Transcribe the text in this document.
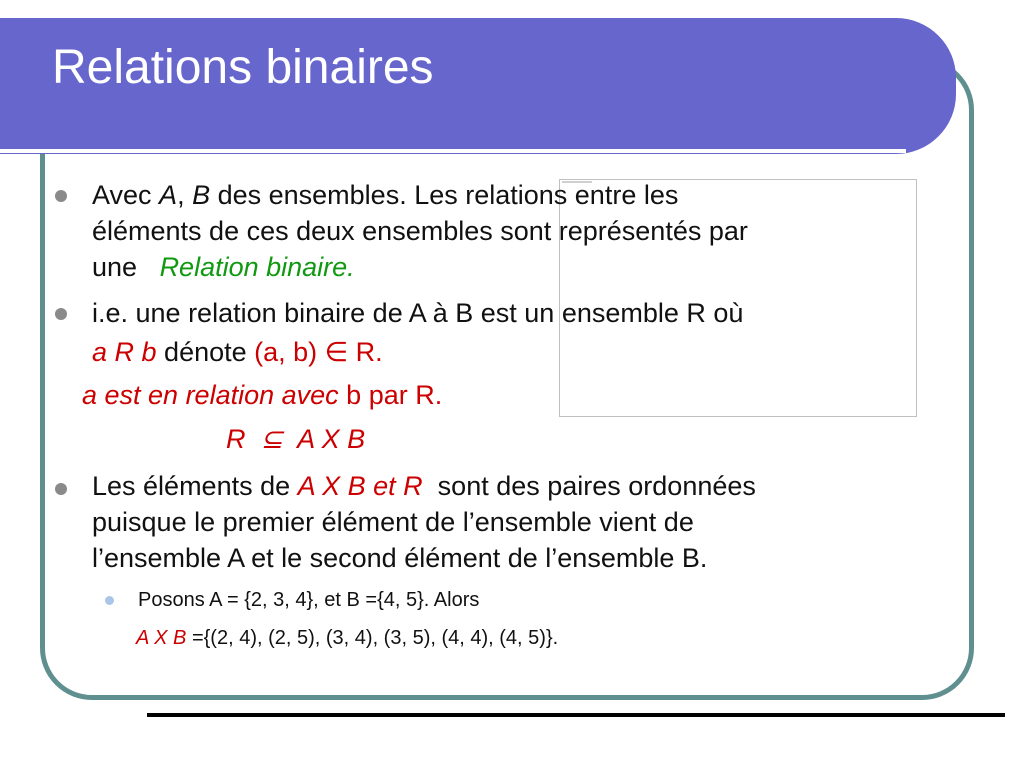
Relations binaires
Avec A, B des ensembles. Les relations entre les
éléments de ces deux ensembles sont représentés par
une   Relation binaire.
i.e. une relation binaire de A à B est un ensemble R où
a R b dénote (a, b) ∈ R.
a est en relation avec b par R.
R  ⊆  A X B
Les éléments de A X B et R  sont des paires ordonnées
puisque le premier élément de l’ensemble vient de
l’ensemble A et le second élément de l’ensemble B.
Posons A = {2, 3, 4}, et B ={4, 5}. Alors
A X B ={(2, 4), (2, 5), (3, 4), (3, 5), (4, 4), (4, 5)}.
